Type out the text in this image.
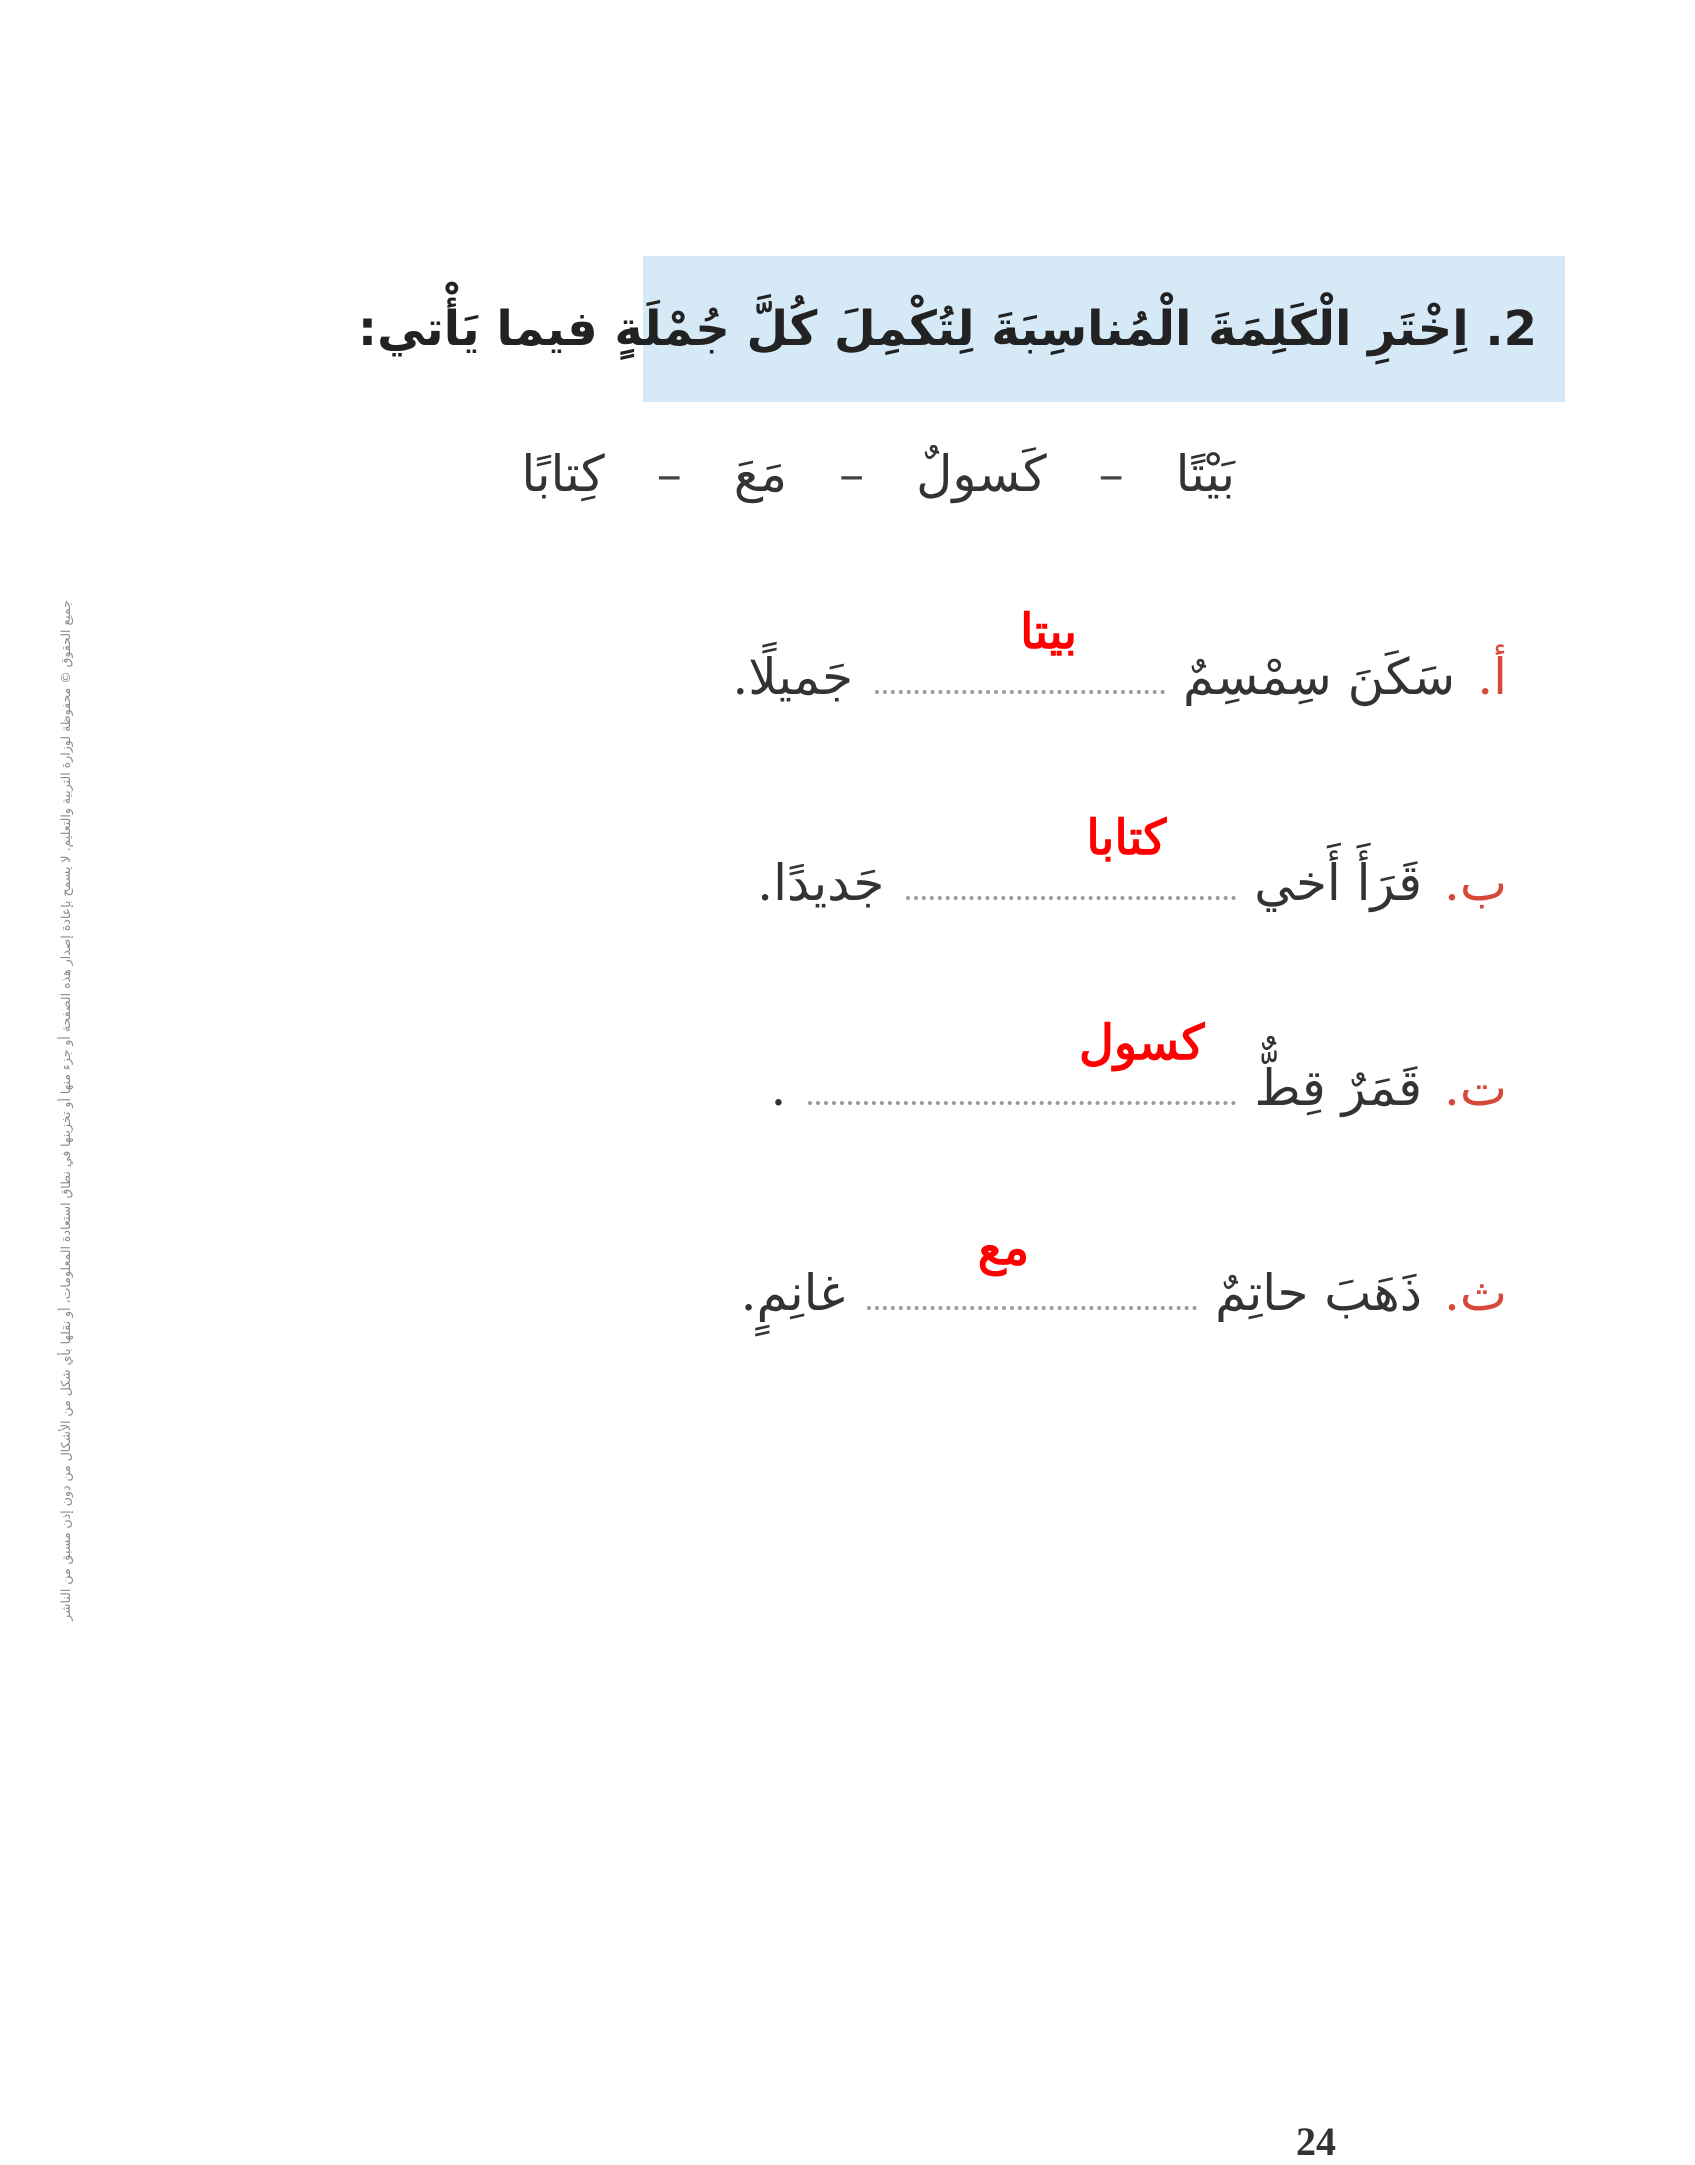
2. اِخْتَرِ الْكَلِمَةَ الْمُناسِبَةَ لِتُكْمِلَ كُلَّ جُمْلَةٍ فيما يَأْتي:
بَيْتًا
–
كَسولٌ
–
مَعَ
–
كِتابًا
أ.
سَكَنَ سِمْسِمٌ
بيتا
جَميلًا.
ب.
قَرَأَ أَخي
كتابا
جَديدًا.
ت.
قَمَرٌ قِطٌّ
كسول
.
ث.
ذَهَبَ حاتِمٌ
مع
غانِمٍ.
جميع الحقوق © محفوظة لوزارة التربية والتعليم. لا يسمح بإعادة إصدار هذه الصفحة أو جزء منها أو تخزينها في نطاق استعادة المعلومات، أو نقلها بأي شكل من الأشكال من دون إذن مسبق من الناشر
24
